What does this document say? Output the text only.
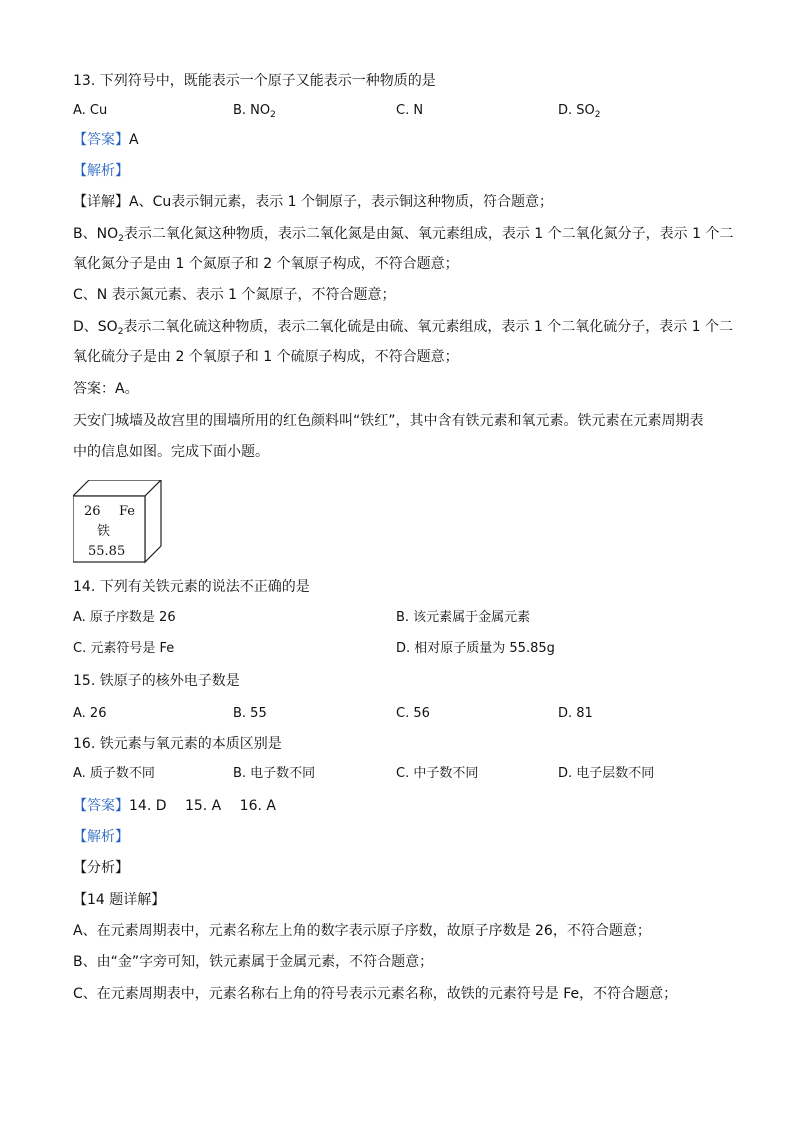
13. 下列符号中，既能表示一个原子又能表示一种物质的是
A. Cu	B. $NO_2$	C. N	D. $SO_2$
【答案】A
【解析】
【详解】A、Cu表示铜元素，表示 1 个铜原子，表示铜这种物质，符合题意；
B、$NO_2$表示二氧化氮这种物质，表示二氧化氮是由氮、氧元素组成，表示 1 个二氧化氮分子，表示 1 个二
氧化氮分子是由 1 个氮原子和 2 个氧原子构成，不符合题意；
C、N 表示氮元素、表示 1 个氮原子，不符合题意；
D、$SO_2$表示二氧化硫这种物质，表示二氧化硫是由硫、氧元素组成，表示 1 个二氧化硫分子，表示 1 个二
氧化硫分子是由 2 个氧原子和 1 个硫原子构成，不符合题意；
答案：A。
天安门城墙及故宫里的围墙所用的红色颜料叫“铁红”，其中含有铁元素和氧元素。铁元素在元素周期表
中的信息如图。完成下面小题。
26 Fe
铁
55.85
14. 下列有关铁元素的说法不正确的是
A. 原子序数是 26	B. 该元素属于金属元素
C. 元素符号是 Fe	D. 相对原子质量为 55.85g
15. 铁原子的核外电子数是
A. 26	B. 55	C. 56	D. 81
16. 铁元素与氧元素的本质区别是
A. 质子数不同	B. 电子数不同	C. 中子数不同	D. 电子层数不同
【答案】14. D　 15. A　 16. A
【解析】
【分析】
【14 题详解】
A、在元素周期表中，元素名称左上角的数字表示原子序数，故原子序数是 26，不符合题意；
B、由“金”字旁可知，铁元素属于金属元素，不符合题意；
C、在元素周期表中，元素名称右上角的符号表示元素名称，故铁的元素符号是 Fe，不符合题意；
